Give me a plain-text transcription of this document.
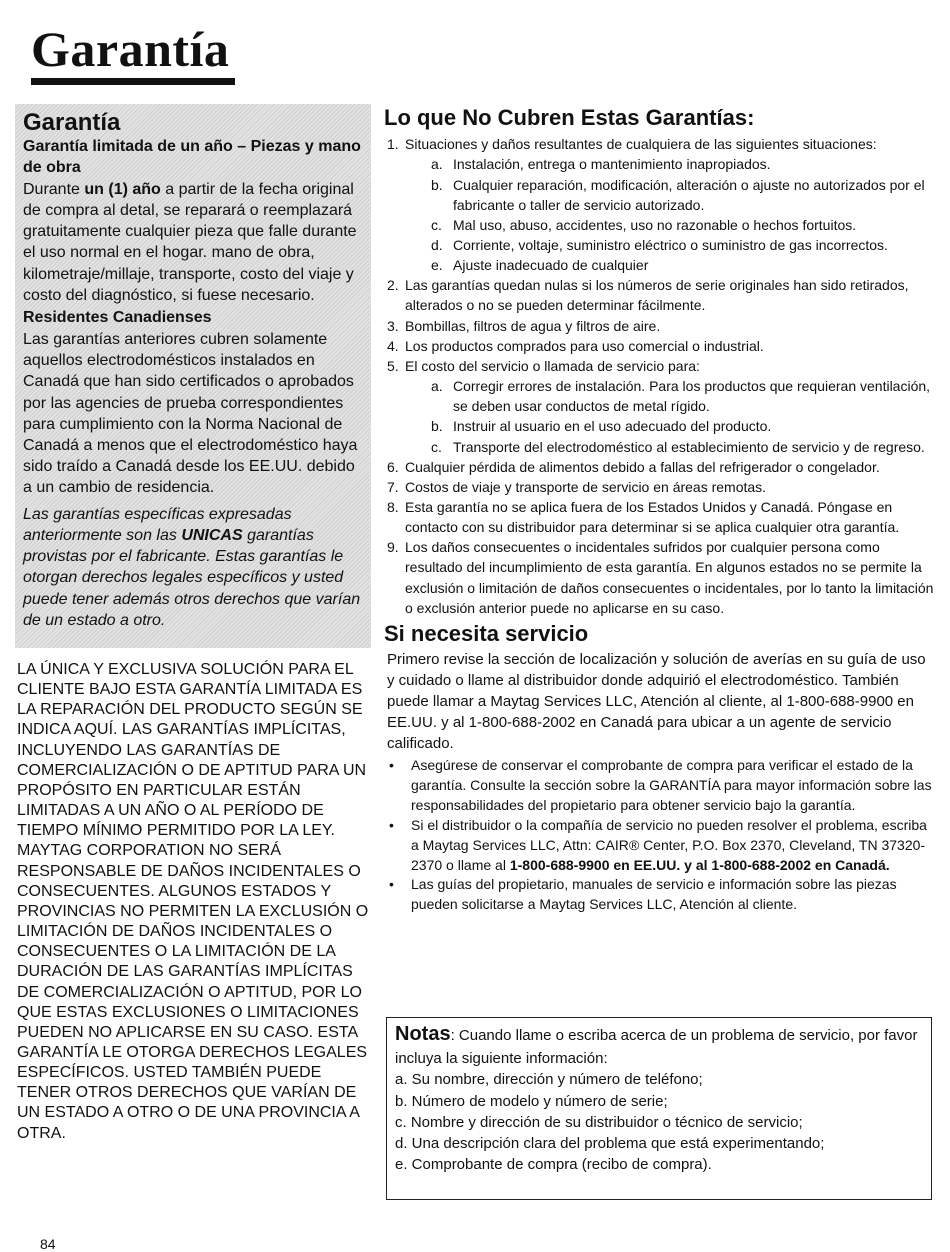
Garantía
Garantía
Garantía limitada de un año – Piezas y mano de obra

Durante un (1) año a partir de la fecha original de compra al detal, se reparará o reemplazará gratuitamente cualquier pieza que falle durante el uso normal en el hogar. mano de obra, kilometraje/millaje, transporte, costo del viaje y costo del diagnóstico, si fuese necesario.

Residentes Canadienses

Las garantías anteriores cubren solamente aquellos electrodomésticos instalados en Canadá que han sido certificados o aprobados por las agencies de prueba correspondientes para cumplimiento con la Norma Nacional de Canadá a menos que el electrodoméstico haya sido traído a Canadá desde los EE.UU. debido a un cambio de residencia.

Las garantías específicas expresadas anteriormente son las UNICAS garantías provistas por el fabricante. Estas garantías le otorgan derechos legales específicos y usted puede tener además otros derechos que varían de un estado a otro.

LA ÚNICA Y EXCLUSIVA SOLUCIÓN PARA EL CLIENTE BAJO ESTA GARANTÍA LIMITADA ES LA REPARACIÓN DEL PRODUCTO SEGÚN SE INDICA AQUÍ. LAS GARANTÍAS IMPLÍCITAS, INCLUYENDO LAS GARANTÍAS DE COMERCIALIZACIÓN O DE APTITUD PARA UN PROPÓSITO EN PARTICULAR ESTÁN LIMITADAS A UN AÑO O AL PERÍODO DE TIEMPO MÍNIMO PERMITIDO POR LA LEY. MAYTAG CORPORATION NO SERÁ RESPONSABLE DE DAÑOS INCIDENTALES O CONSECUENTES. ALGUNOS ESTADOS Y PROVINCIAS NO PERMITEN LA EXCLUSIÓN O LIMITACIÓN DE DAÑOS INCIDENTALES O CONSECUENTES O LA LIMITACIÓN DE LA DURACIÓN DE LAS GARANTÍAS IMPLÍCITAS DE COMERCIALIZACIÓN O APTITUD, POR LO QUE ESTAS EXCLUSIONES O LIMITACIONES PUEDEN NO APLICARSE EN SU CASO. ESTA GARANTÍA LE OTORGA DERECHOS LEGALES ESPECÍFICOS. USTED TAMBIÉN PUEDE TENER OTROS DERECHOS QUE VARÍAN DE UN ESTADO A OTRO O DE UNA PROVINCIA A OTRA.

Lo que No Cubren Estas Garantías:
1. Situaciones y daños resultantes de cualquiera de las siguientes situaciones:
a. Instalación, entrega o mantenimiento inapropiados.
b. Cualquier reparación, modificación, alteración o ajuste no autorizados por el fabricante o taller de servicio autorizado.
c. Mal uso, abuso, accidentes, uso no razonable o hechos fortuitos.
d. Corriente, voltaje, suministro eléctrico o suministro de gas incorrectos.
e. Ajuste inadecuado de cualquier
2. Las garantías quedan nulas si los números de serie originales han sido retirados, alterados o no se pueden determinar fácilmente.
3. Bombillas, filtros de agua y filtros de aire.
4. Los productos comprados para uso comercial o industrial.
5. El costo del servicio o llamada de servicio para:
a. Corregir errores de instalación. Para los productos que requieran ventilación, se deben usar conductos de metal rígido.
b. Instruir al usuario en el uso adecuado del producto.
c. Transporte del electrodoméstico al establecimiento de servicio y de regreso.
6. Cualquier pérdida de alimentos debido a fallas del refrigerador o congelador.
7. Costos de viaje y transporte de servicio en áreas remotas.
8. Esta garantía no se aplica fuera de los Estados Unidos y Canadá. Póngase en contacto con su distribuidor para determinar si se aplica cualquier otra garantía.
9. Los daños consecuentes o incidentales sufridos por cualquier persona como resultado del incumplimiento de esta garantía. En algunos estados no se permite la exclusión o limitación de daños consecuentes o incidentales, por lo tanto la limitación o exclusión anterior puede no aplicarse en su caso.
Si necesita servicio

Primero revise la sección de localización y solución de averías en su guía de uso y cuidado o llame al distribuidor donde adquirió el electrodoméstico. También puede llamar a Maytag Services LLC, Atención al cliente, al 1-800-688-9900 en EE.UU. y al 1-800-688-2002 en Canadá para ubicar a un agente de servicio calificado.

• Asegúrese de conservar el comprobante de compra para verificar el estado de la garantía. Consulte la sección sobre la GARANTÍA para mayor información sobre las responsabilidades del propietario para obtener servicio bajo la garantía.
• Si el distribuidor o la compañía de servicio no pueden resolver el problema, escriba a Maytag Services LLC, Attn: CAIR® Center, P.O. Box 2370, Cleveland, TN 37320-2370 o llame al 1-800-688-9900 en EE.UU. y al 1-800-688-2002 en Canadá.
• Las guías del propietario, manuales de servicio e información sobre las piezas pueden solicitarse a Maytag Services LLC, Atención al cliente.

Notas: Cuando llame o escriba acerca de un problema de servicio, por favor incluya la siguiente información:

a. Su nombre, dirección y número de teléfono;

b. Número de modelo y número de serie;

c. Nombre y dirección de su distribuidor o técnico de servicio;

d. Una descripción clara del problema que está experimentando;

e. Comprobante de compra (recibo de compra).

84
